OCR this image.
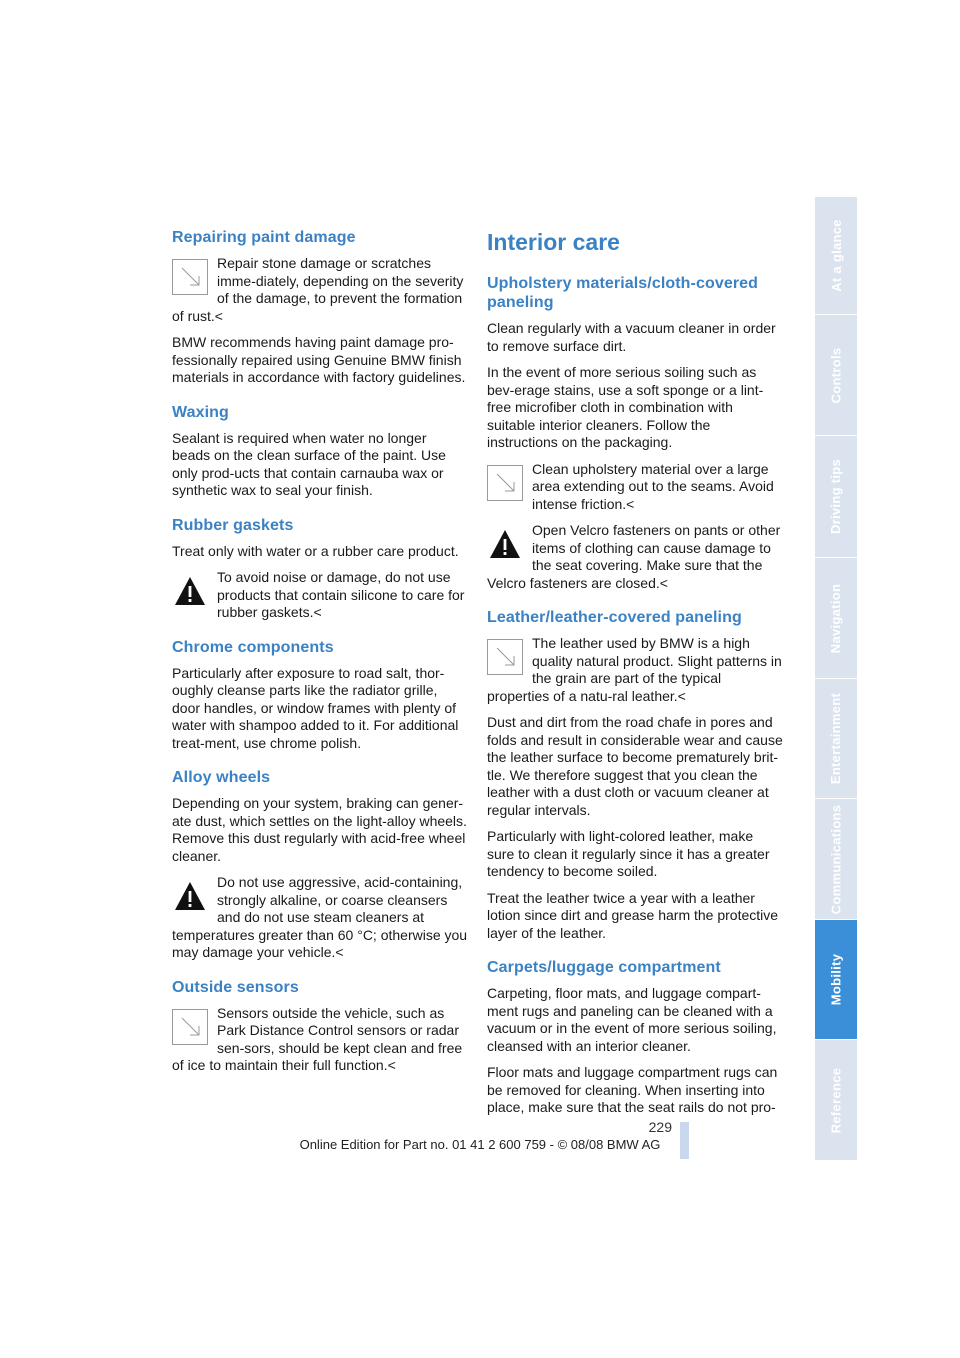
Repairing paint damage
Repair stone damage or scratches imme-diately, depending on the severity of the damage, to prevent the formation of rust.<

BMW recommends having paint damage pro-fessionally repaired using Genuine BMW finish materials in accordance with factory guidelines.

Waxing

Sealant is required when water no longer beads on the clean surface of the paint. Use only prod-ucts that contain carnauba wax or synthetic wax to seal your finish.

Rubber gaskets

Treat only with water or a rubber care product.

To avoid noise or damage, do not use products that contain silicone to care for rubber gaskets.<
Chrome components

Particularly after exposure to road salt, thor-oughly cleanse parts like the radiator grille, door handles, or window frames with plenty of water with shampoo added to it. For additional treat-ment, use chrome polish.

Alloy wheels

Depending on your system, braking can gener-ate dust, which settles on the light-alloy wheels. Remove this dust regularly with acid-free wheel cleaner.

Do not use aggressive, acid-containing, strongly alkaline, or coarse cleansers and do not use steam cleaners at temperatures greater than 60 °C; otherwise you may damage your vehicle.<
Outside sensors
Sensors outside the vehicle, such as Park Distance Control sensors or radar sen-sors, should be kept clean and free of ice to maintain their full function.<
Interior care
Upholstery materials/cloth-covered paneling

Clean regularly with a vacuum cleaner in order to remove surface dirt.

In the event of more serious soiling such as bev-erage stains, use a soft sponge or a lint-free microfiber cloth in combination with suitable interior cleaners. Follow the instructions on the packaging.

Clean upholstery material over a large area extending out to the seams. Avoid intense friction.<
Open Velcro fasteners on pants or other items of clothing can cause damage to the seat covering. Make sure that the Velcro fasteners are closed.<
Leather/leather-covered paneling
The leather used by BMW is a high quality natural product. Slight patterns in the grain are part of the typical properties of a natu-ral leather.<

Dust and dirt from the road chafe in pores and folds and result in considerable wear and cause the leather surface to become prematurely brit-tle. We therefore suggest that you clean the leather with a dust cloth or vacuum cleaner at regular intervals.

Particularly with light-colored leather, make sure to clean it regularly since it has a greater tendency to become soiled.

Treat the leather twice a year with a leather lotion since dirt and grease harm the protective layer of the leather.

Carpets/luggage compartment

Carpeting, floor mats, and luggage compart-ment rugs and paneling can be cleaned with a vacuum or in the event of more serious soiling, cleansed with an interior cleaner.

Floor mats and luggage compartment rugs can be removed for cleaning. When inserting into place, make sure that the seat rails do not pro-

At a glance
Controls
Driving tips
Navigation
Entertainment
Communications
Mobility
Reference
229
Online Edition for Part no. 01 41 2 600 759 - © 08/08 BMW AG
